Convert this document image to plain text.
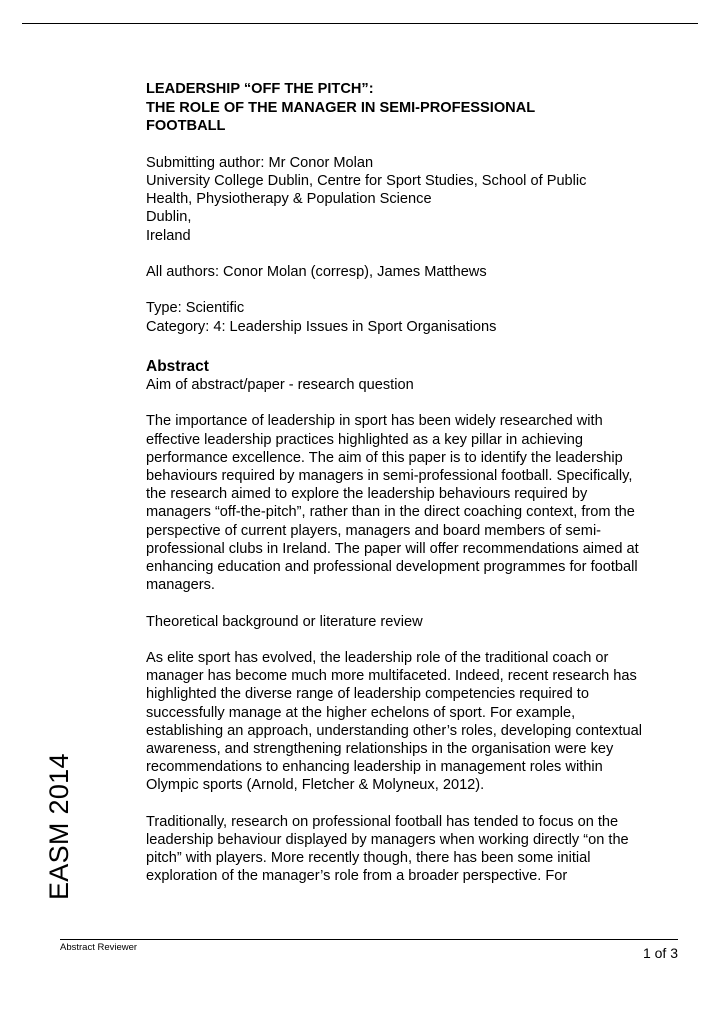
LEADERSHIP “OFF THE PITCH”:
THE ROLE OF THE MANAGER IN SEMI-PROFESSIONAL
FOOTBALL
Submitting author: Mr Conor Molan
University College Dublin, Centre for Sport Studies, School of Public
Health, Physiotherapy & Population Science
Dublin,
Ireland
All authors: Conor Molan (corresp), James Matthews
Type: Scientific
Category: 4: Leadership Issues in Sport Organisations
Abstract
Aim of abstract/paper - research question
The importance of leadership in sport has been widely researched with effective leadership practices highlighted as a key pillar in achieving performance excellence. The aim of this paper is to identify the leadership behaviours required by managers in semi-professional football. Specifically, the research aimed to explore the leadership behaviours required by managers “off-the-pitch”, rather than in the direct coaching context, from the perspective of current players, managers and board members of semi-professional clubs in Ireland. The paper will offer recommendations aimed at enhancing education and professional development programmes for football managers.
Theoretical background or literature review
As elite sport has evolved, the leadership role of the traditional coach or manager has become much more multifaceted. Indeed, recent research has highlighted the diverse range of leadership competencies required to successfully manage at the higher echelons of sport. For example, establishing an approach, understanding other’s roles, developing contextual awareness, and strengthening relationships in the organisation were key recommendations to enhancing leadership in management roles within Olympic sports (Arnold, Fletcher & Molyneux, 2012).
Traditionally, research on professional football has tended to focus on the leadership behaviour displayed by managers when working directly “on the pitch” with players. More recently though, there has been some initial exploration of the manager’s role from a broader perspective. For
EASM 2014
Abstract Reviewer	1 of 3
